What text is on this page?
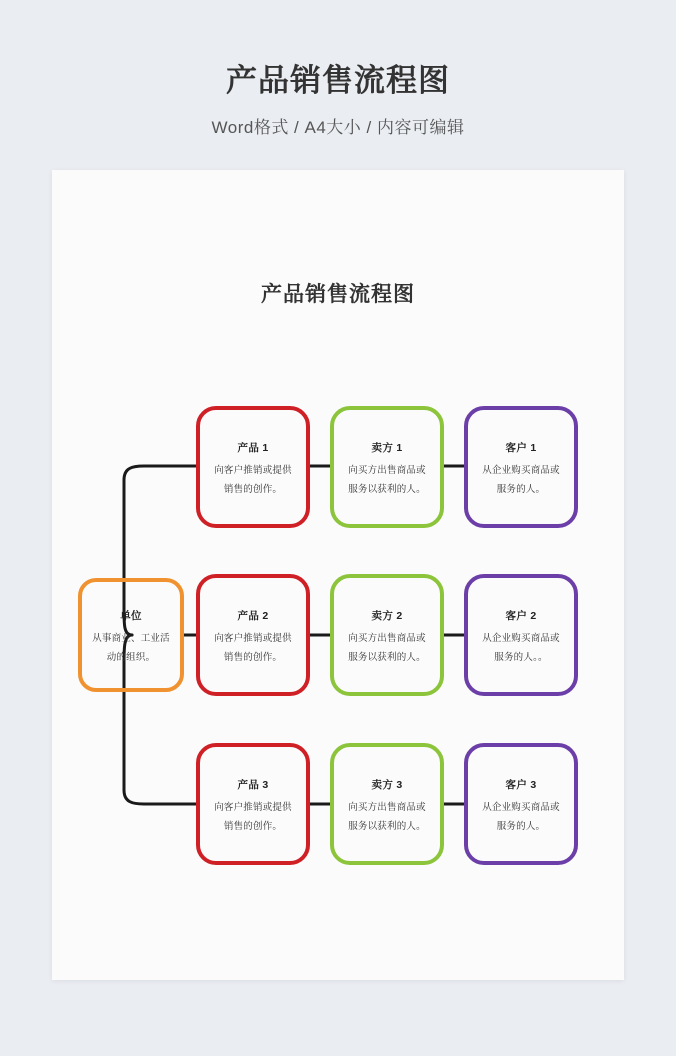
产品销售流程图
Word格式 / A4大小 / 内容可编辑
产品销售流程图
单位
从事商业、工业活
动的组织。
产品 1
向客户推销或提供
销售的创作。
产品 2
向客户推销或提供
销售的创作。
产品 3
向客户推销或提供
销售的创作。
卖方 1
向买方出售商品或
服务以获利的人。
卖方 2
向买方出售商品或
服务以获利的人。
卖方 3
向买方出售商品或
服务以获利的人。
客户 1
从企业购买商品或
服务的人。
客户 2
从企业购买商品或
服务的人。。
客户 3
从企业购买商品或
服务的人。
